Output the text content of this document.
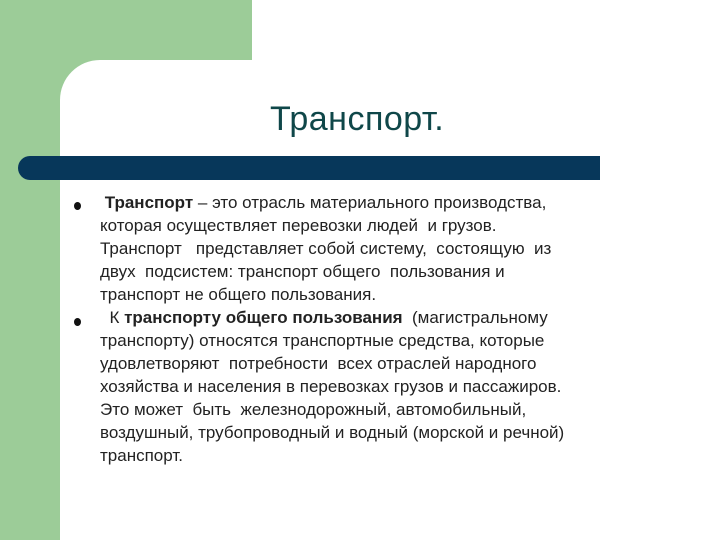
Транспорт.
Транспорт – это отрасль материального производства,
которая осуществляет перевозки людей  и грузов.
Транспорт   представляет собой систему,  состоящую  из
двух  подсистем: транспорт общего  пользования и
транспорт не общего пользования.
К транспорту общего пользования  (магистральному
транспорту) относятся транспортные средства, которые
удовлетворяют  потребности  всех отраслей народного
хозяйства и населения в перевозках грузов и пассажиров.
Это может  быть  железнодорожный, автомобильный,
воздушный, трубопроводный и водный (морской и речной)
транспорт.
